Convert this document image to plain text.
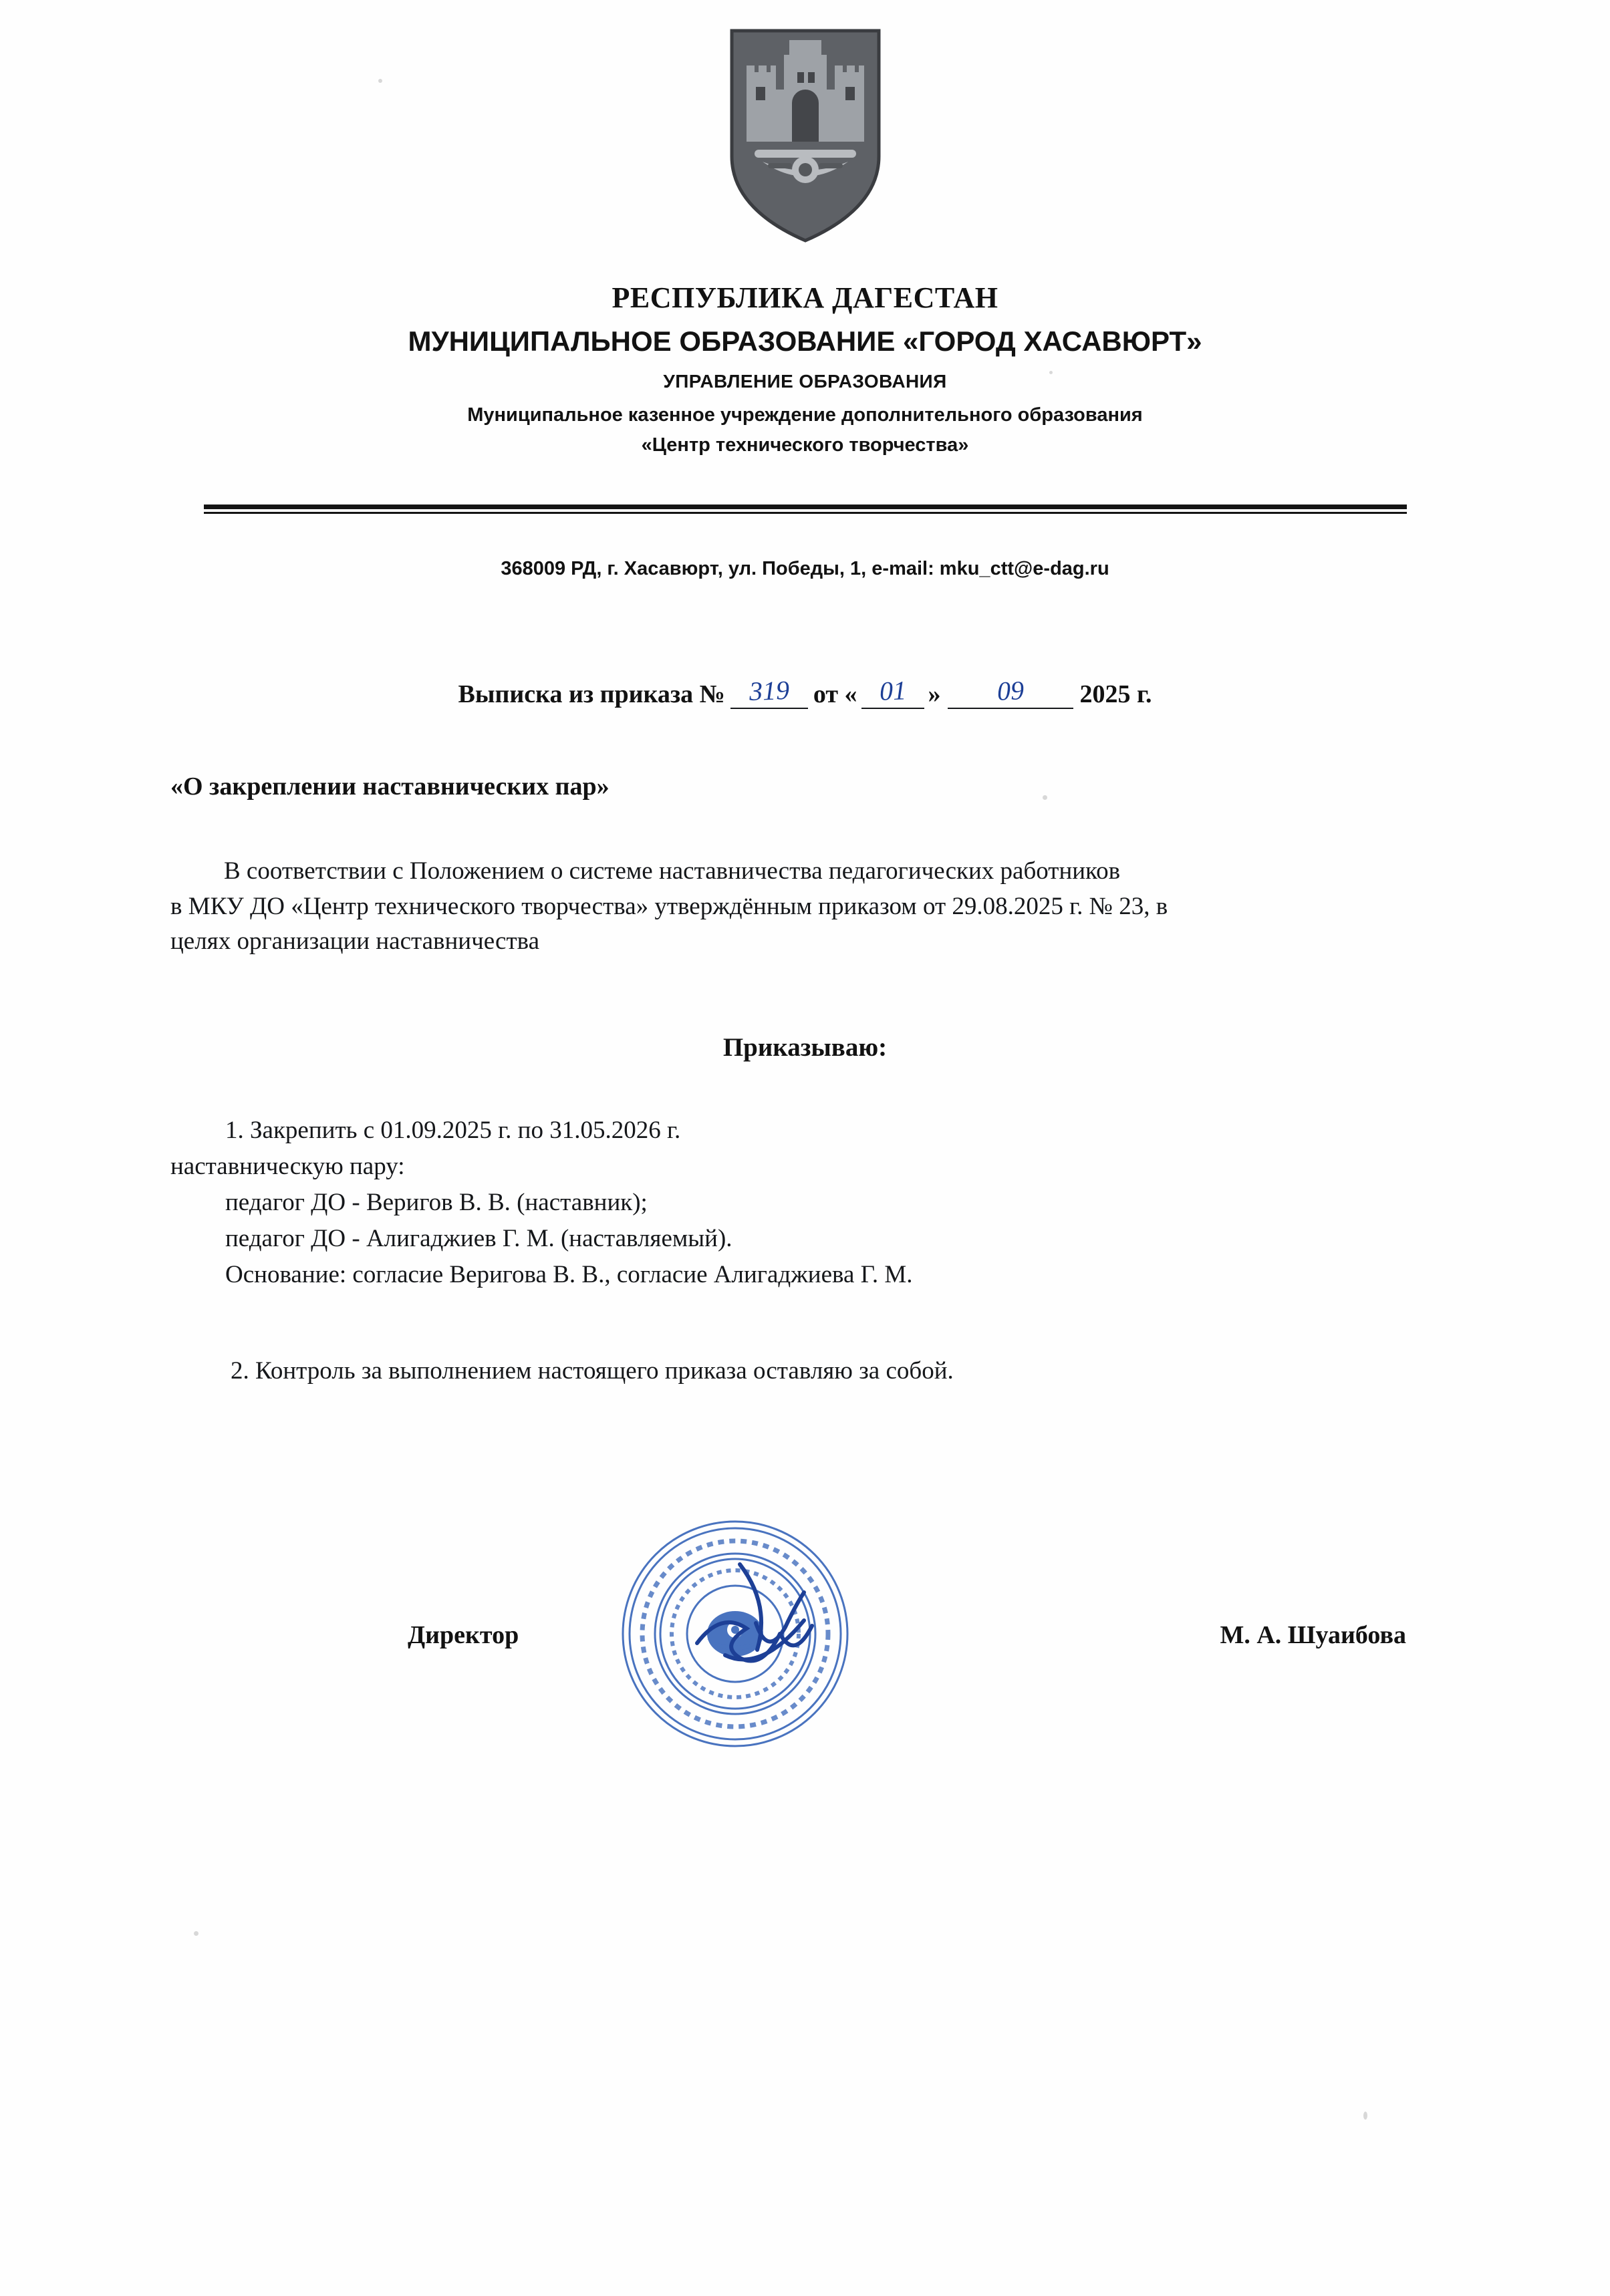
РЕСПУБЛИКА ДАГЕСТАН
МУНИЦИПАЛЬНОЕ ОБРАЗОВАНИЕ «ГОРОД ХАСАВЮРТ»
УПРАВЛЕНИЕ ОБРАЗОВАНИЯ
Муниципальное казенное учреждение дополнительного образования
«Центр технического творчества»
368009 РД, г. Хасавюрт, ул. Победы, 1, e-mail: mku_ctt@e-dag.ru
Выписка из приказа № 319 от « 01 »	09	2025 г.
«О закреплении наставнических пар»
В соответствии с Положением о системе наставничества педагогических работников
в МКУ ДО «Центр технического творчества» утверждённым приказом от 29.08.2025 г. № 23, в
целях организации наставничества
Приказываю:
1. Закрепить с 01.09.2025 г. по 31.05.2026 г.
наставническую пару:
педагог ДО - Веригов В. В. (наставник);
педагог ДО - Алигаджиев Г. М. (наставляемый).
Основание: согласие Веригова В. В., согласие Алигаджиева Г. М.
2. Контроль за выполнением настоящего приказа оставляю за собой.
Директор	М. А. Шуаибова
